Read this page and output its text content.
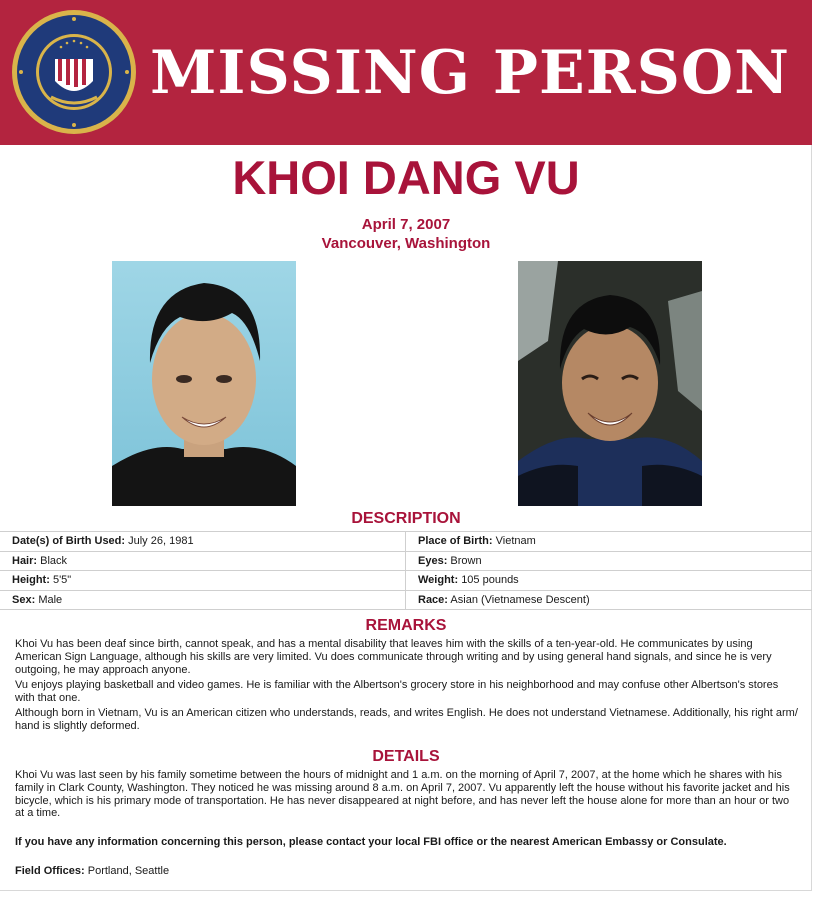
MISSING PERSON
KHOI DANG VU
April 7, 2007
Vancouver, Washington
DESCRIPTION
Date(s) of Birth Used: July 26, 1981	Place of Birth: Vietnam
Hair: Black	Eyes: Brown
Height: 5'5"	Weight: 105 pounds
Sex: Male	Race: Asian (Vietnamese Descent)
REMARKS
Khoi Vu has been deaf since birth, cannot speak, and has a mental disability that leaves him with the skills of a ten-year-old. He communicates by using American Sign Language, although his skills are very limited. Vu does communicate through writing and by using general hand signals, and since he is very outgoing, he may approach anyone.
Vu enjoys playing basketball and video games. He is familiar with the Albertson's grocery store in his neighborhood and may confuse other Albertson's stores with that one.
Although born in Vietnam, Vu is an American citizen who understands, reads, and writes English. He does not understand Vietnamese. Additionally, his right arm/ hand is slightly deformed.
DETAILS
Khoi Vu was last seen by his family sometime between the hours of midnight and 1 a.m. on the morning of April 7, 2007, at the home which he shares with his family in Clark County, Washington. They noticed he was missing around 8 a.m. on April 7, 2007. Vu apparently left the house without his favorite jacket and his bicycle, which is his primary mode of transportation. He has never disappeared at night before, and has never left the house alone for more than an hour or two at a time.
If you have any information concerning this person, please contact your local FBI office or the nearest American Embassy or Consulate.
Field Offices: Portland, Seattle
